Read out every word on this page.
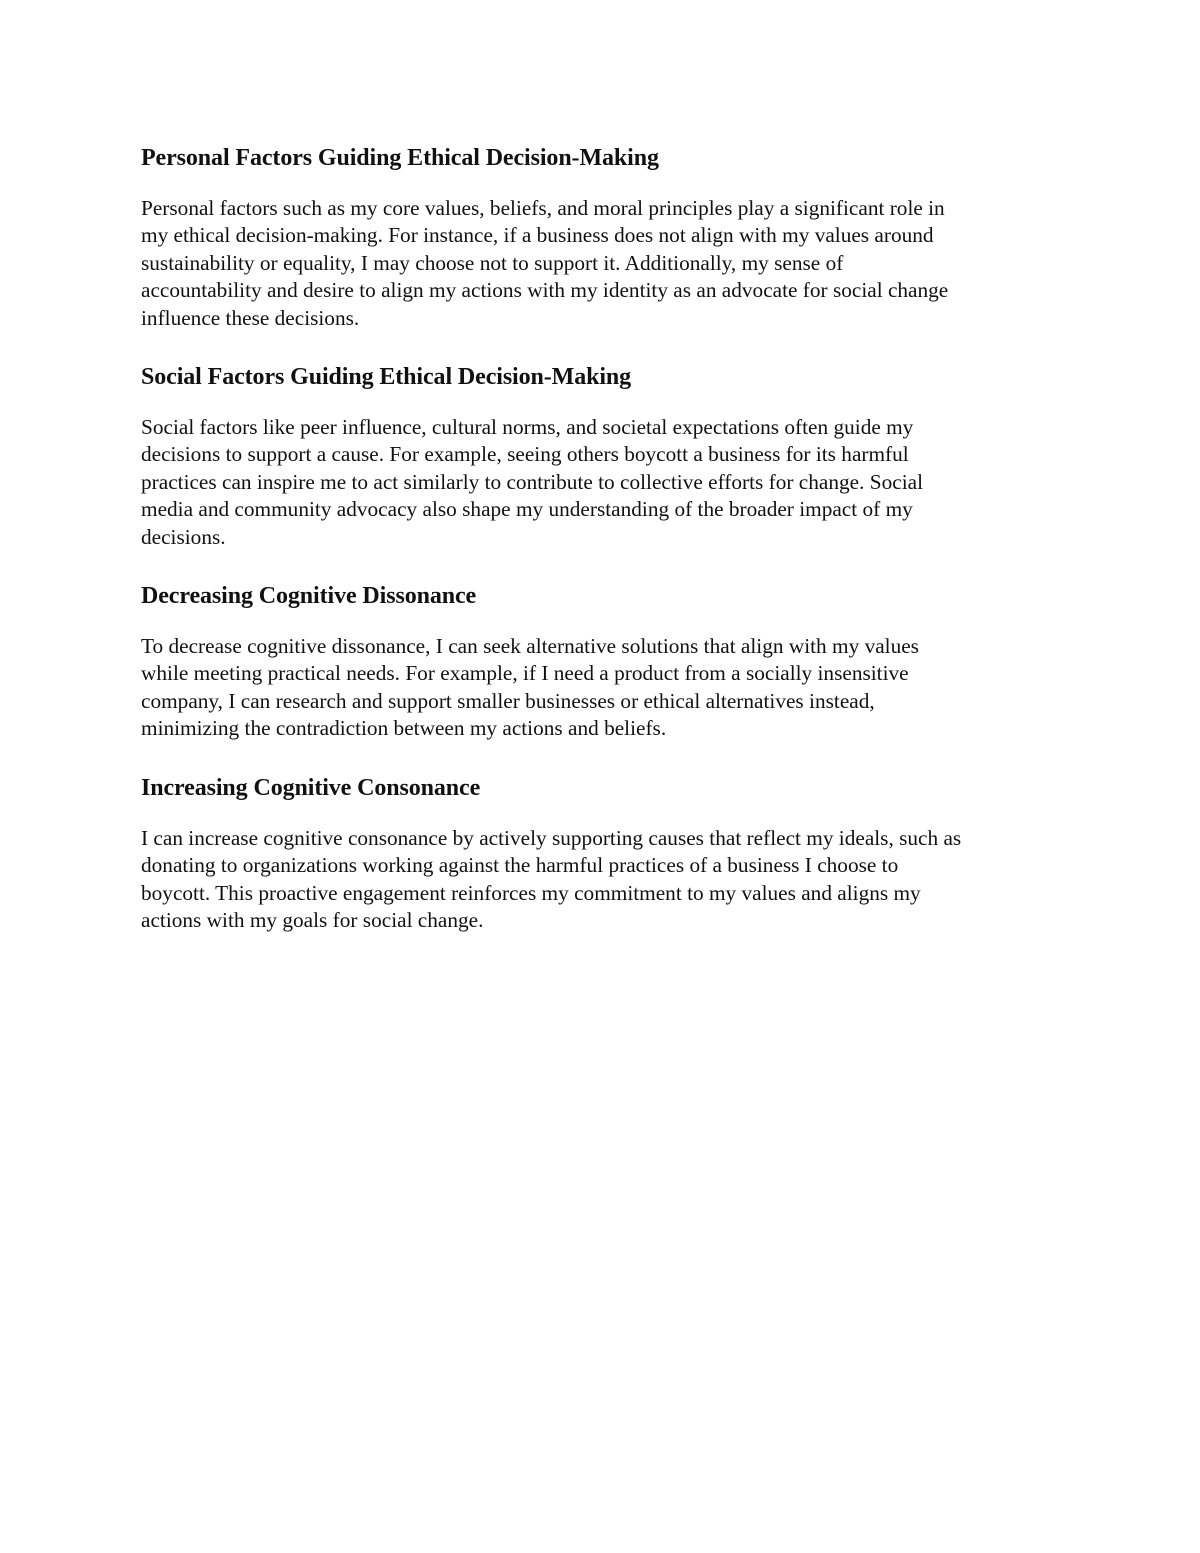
Personal Factors Guiding Ethical Decision-Making

Personal factors such as my core values, beliefs, and moral principles play a significant role in
my ethical decision-making. For instance, if a business does not align with my values around
sustainability or equality, I may choose not to support it. Additionally, my sense of
accountability and desire to align my actions with my identity as an advocate for social change
influence these decisions.

Social Factors Guiding Ethical Decision-Making

Social factors like peer influence, cultural norms, and societal expectations often guide my
decisions to support a cause. For example, seeing others boycott a business for its harmful
practices can inspire me to act similarly to contribute to collective efforts for change. Social
media and community advocacy also shape my understanding of the broader impact of my
decisions.

Decreasing Cognitive Dissonance

To decrease cognitive dissonance, I can seek alternative solutions that align with my values
while meeting practical needs. For example, if I need a product from a socially insensitive
company, I can research and support smaller businesses or ethical alternatives instead,
minimizing the contradiction between my actions and beliefs.

Increasing Cognitive Consonance

I can increase cognitive consonance by actively supporting causes that reflect my ideals, such as
donating to organizations working against the harmful practices of a business I choose to
boycott. This proactive engagement reinforces my commitment to my values and aligns my
actions with my goals for social change.
